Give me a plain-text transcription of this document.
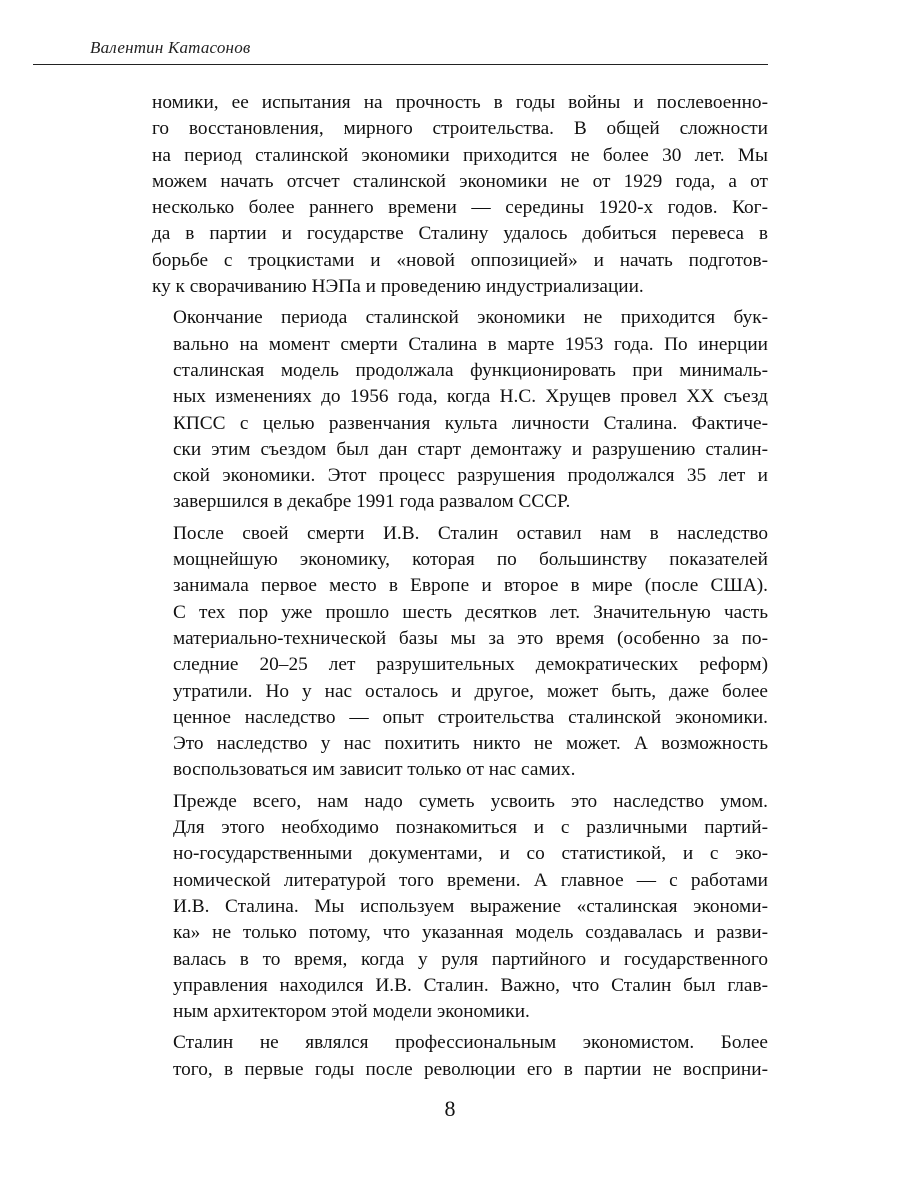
Валентин Катасонов

номики, ее испытания на прочность в годы войны и послевоенно-
го восстановления, мирного строительства. В общей сложности
на период сталинской экономики приходится не более 30 лет. Мы
можем начать отсчет сталинской экономики не от 1929 года, а от
несколько более раннего времени — середины 1920-х годов. Ког-
да в партии и государстве Сталину удалось добиться перевеса в
борьбе с троцкистами и «новой оппозицией» и начать подготов-
ку к сворачиванию НЭПа и проведению индустриализации.

Окончание периода сталинской экономики не приходится бук-
вально на момент смерти Сталина в марте 1953 года. По инерции
сталинская модель продолжала функционировать при минималь-
ных изменениях до 1956 года, когда Н.С. Хрущев провел XX съезд
КПСС с целью развенчания культа личности Сталина. Фактиче-
ски этим съездом был дан старт демонтажу и разрушению сталин-
ской экономики. Этот процесс разрушения продолжался 35 лет и
завершился в декабре 1991 года развалом СССР.

После своей смерти И.В. Сталин оставил нам в наследство
мощнейшую экономику, которая по большинству показателей
занимала первое место в Европе и второе в мире (после США).
С тех пор уже прошло шесть десятков лет. Значительную часть
материально-технической базы мы за это время (особенно за по-
следние 20–25 лет разрушительных демократических реформ)
утратили. Но у нас осталось и другое, может быть, даже более
ценное наследство — опыт строительства сталинской экономики.
Это наследство у нас похитить никто не может. А возможность
воспользоваться им зависит только от нас самих.

Прежде всего, нам надо суметь усвоить это наследство умом.
Для этого необходимо познакомиться и с различными партий-
но-государственными документами, и со статистикой, и с эко-
номической литературой того времени. А главное — с работами
И.В. Сталина. Мы используем выражение «сталинская экономи-
ка» не только потому, что указанная модель создавалась и разви-
валась в то время, когда у руля партийного и государственного
управления находился И.В. Сталин. Важно, что Сталин был глав-
ным архитектором этой модели экономики.

Сталин не являлся профессиональным экономистом. Более
того, в первые годы после революции его в партии не восприни-

8
